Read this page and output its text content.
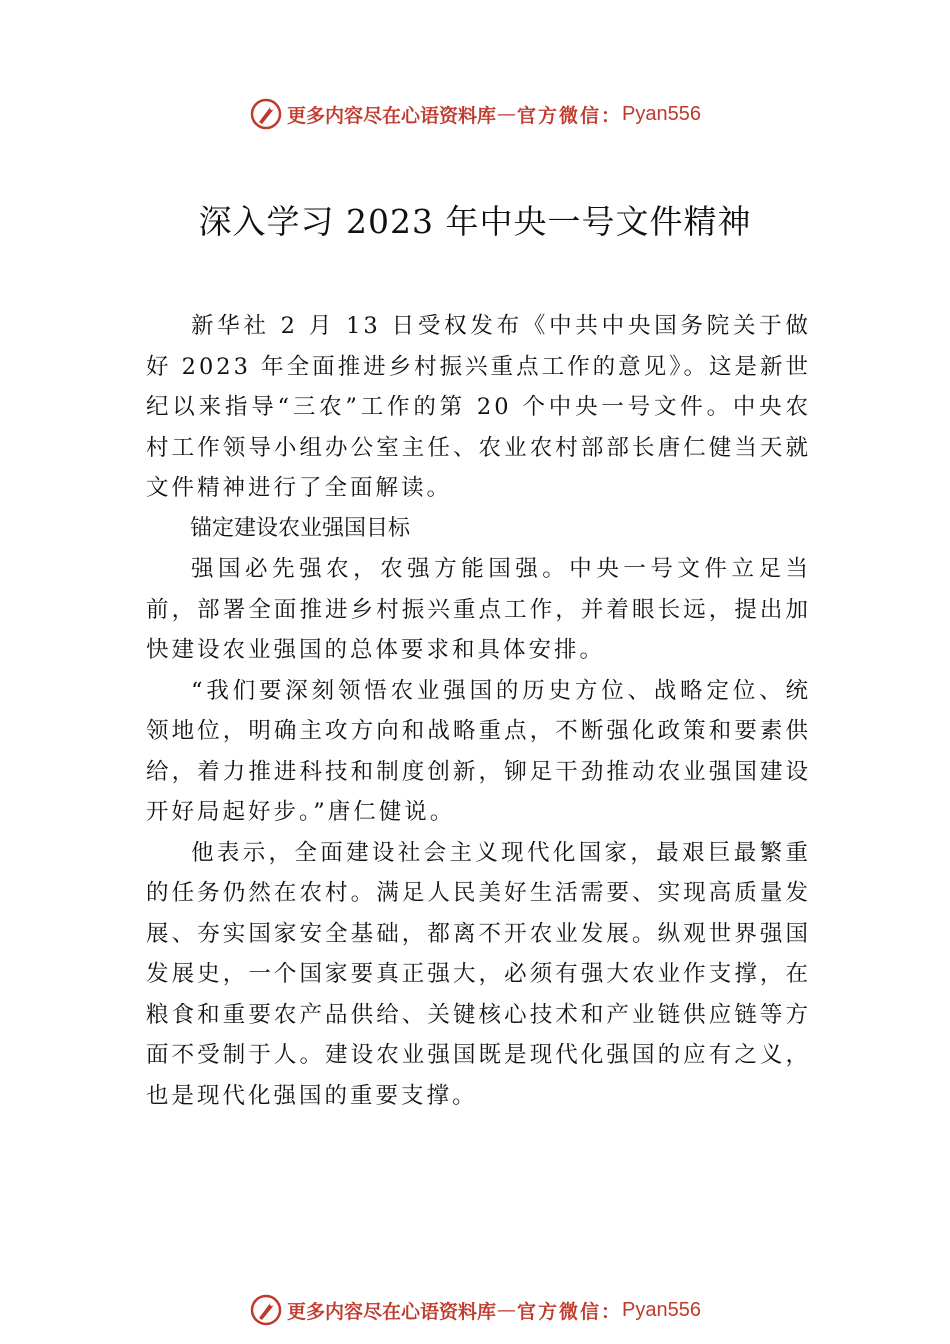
更多内容尽在心语资料库 — 官方微信： Pyan556
深入学习 2023 年中央一号文件精神

新华社 2 月 13 日受权发布《中共中央国务院关于做好 2023 年全面推进乡村振兴重点工作的意见》。这是新世纪以来指导“三农”工作的第 20 个中央一号文件。中央农村工作领导小组办公室主任、农业农村部部长唐仁健当天就文件精神进行了全面解读。

锚定建设农业强国目标

强国必先强农，农强方能国强。中央一号文件立足当前，部署全面推进乡村振兴重点工作，并着眼长远，提出加快建设农业强国的总体要求和具体安排。

“我们要深刻领悟农业强国的历史方位、战略定位、统领地位，明确主攻方向和战略重点，不断强化政策和要素供给，着力推进科技和制度创新，铆足干劲推动农业强国建设开好局起好步。”唐仁健说。

他表示，全面建设社会主义现代化国家，最艰巨最繁重的任务仍然在农村。满足人民美好生活需要、实现高质量发展、夯实国家安全基础，都离不开农业发展。纵观世界强国发展史，一个国家要真正强大，必须有强大农业作支撑，在粮食和重要农产品供给、关键核心技术和产业链供应链等方面不受制于人。建设农业强国既是现代化强国的应有之义， 也是现代化强国的重要支撑。

更多内容尽在心语资料库 — 官方微信： Pyan556
